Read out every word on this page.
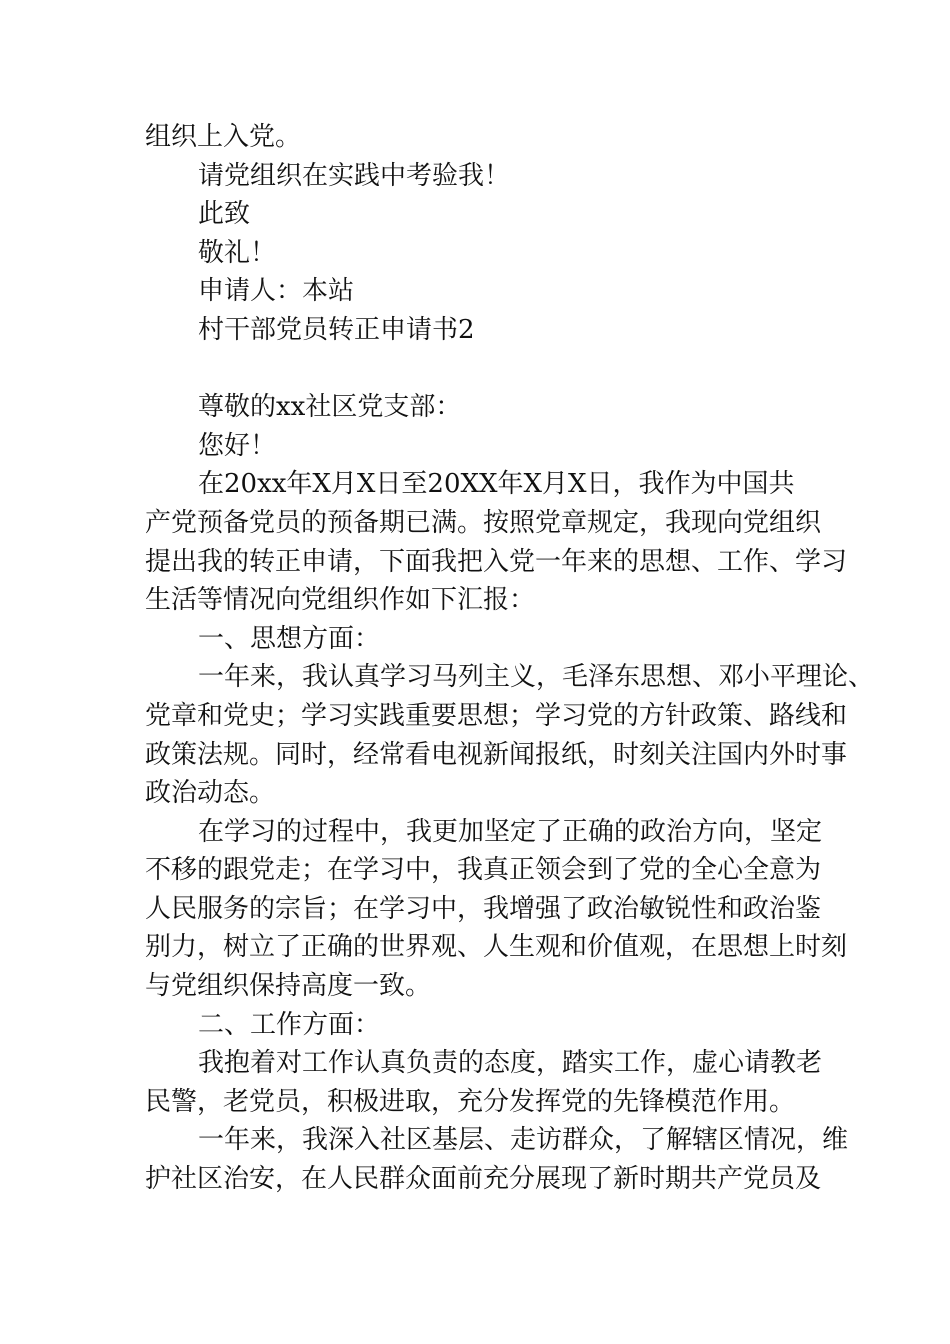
组织上入党。
请党组织在实践中考验我！
此致
敬礼！
申请人：本站
村干部党员转正申请书2
尊敬的xx社区党支部：
您好！
在20xx年X月X日至20XX年X月X日，我作为中国共
产党预备党员的预备期已满。按照党章规定，我现向党组织
提出我的转正申请，下面我把入党一年来的思想、工作、学习
生活等情况向党组织作如下汇报：
一、思想方面：
一年来，我认真学习马列主义，毛泽东思想、邓小平理论、
党章和党史；学习实践重要思想；学习党的方针政策、路线和
政策法规。同时，经常看电视新闻报纸，时刻关注国内外时事
政治动态。
在学习的过程中，我更加坚定了正确的政治方向，坚定
不移的跟党走；在学习中，我真正领会到了党的全心全意为
人民服务的宗旨；在学习中，我增强了政治敏锐性和政治鉴
别力，树立了正确的世界观、人生观和价值观，在思想上时刻
与党组织保持高度一致。
二、工作方面：
我抱着对工作认真负责的态度，踏实工作，虚心请教老
民警，老党员，积极进取，充分发挥党的先锋模范作用。
一年来，我深入社区基层、走访群众，了解辖区情况，维
护社区治安，在人民群众面前充分展现了新时期共产党员及
